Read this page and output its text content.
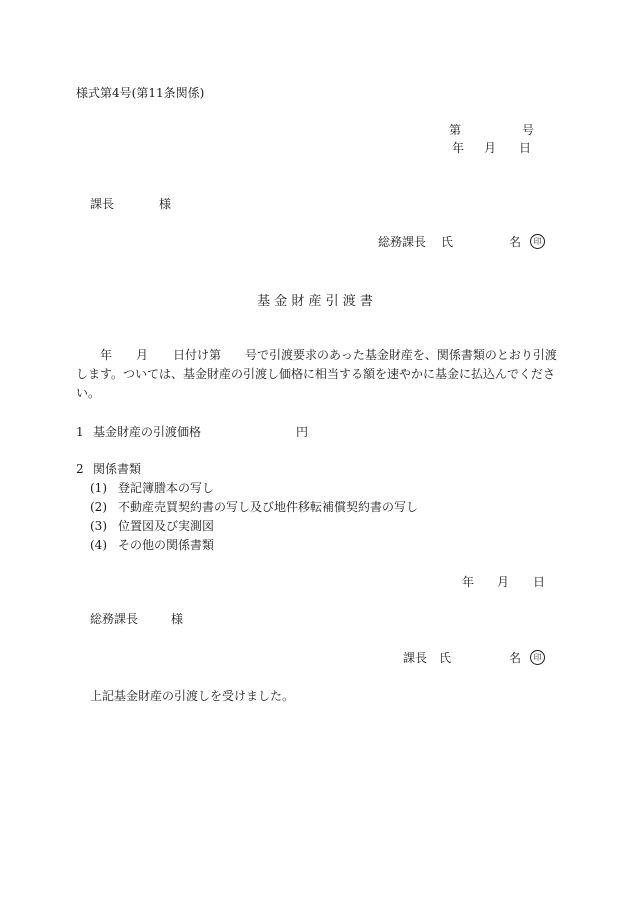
様式第4号(第11条関係)
第	号
年 月 日
課長	様
総務課長 氏	名	印
基 金 財 産 引 渡 書
年 月 日付け第 号で引渡要求のあった基金財産を、関係書類のとおり引渡
します。ついては、基金財産の引渡し価格に相当する額を速やかに基金に払込んでくださ
い。
1 基金財産の引渡価格	円
2 関係書類
(1) 登記簿謄本の写し
(2) 不動産売買契約書の写し及び地件移転補償契約書の写し
(3) 位置図及び実測図
(4) その他の関係書類
年 月 日
総務課長	様
課長 氏	名	印
上記基金財産の引渡しを受けました。
